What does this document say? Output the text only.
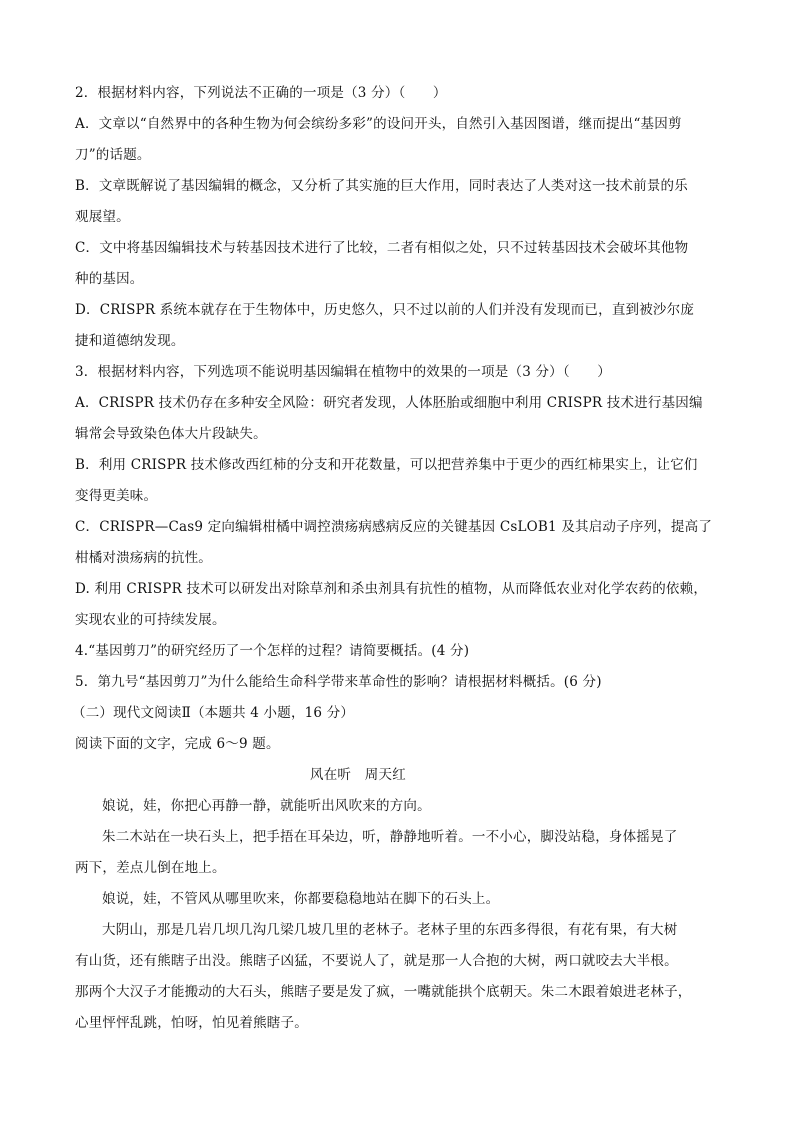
2．根据材料内容，下列说法不正确的一项是（3 分）（　　）
A．文章以“自然界中的各种生物为何会缤纷多彩”的设问开头，自然引入基因图谱，继而提出“基因剪
刀”的话题。
B．文章既解说了基因编辑的概念，又分析了其实施的巨大作用，同时表达了人类对这一技术前景的乐
观展望。
C．文中将基因编辑技术与转基因技术进行了比较，二者有相似之处，只不过转基因技术会破坏其他物
种的基因。
D．CRISPR 系统本就存在于生物体中，历史悠久，只不过以前的人们并没有发现而已，直到被沙尔庞
捷和道德纳发现。
3．根据材料内容，下列选项不能说明基因编辑在植物中的效果的一项是（3 分）（　　）
A．CRISPR 技术仍存在多种安全风险：研究者发现，人体胚胎或细胞中利用 CRISPR 技术进行基因编
辑常会导致染色体大片段缺失。
B．利用 CRISPR 技术修改西红柿的分支和开花数量，可以把营养集中于更少的西红柿果实上，让它们
变得更美味。
C．CRISPR—Cas9 定向编辑柑橘中调控溃疡病感病反应的关键基因 CsLOB1 及其启动子序列，提高了
柑橘对溃疡病的抗性。
D. 利用 CRISPR 技术可以研发出对除草剂和杀虫剂具有抗性的植物，从而降低农业对化学农药的依赖，
实现农业的可持续发展。
4.“基因剪刀”的研究经历了一个怎样的过程？请简要概括。(4 分)
5．第九号“基因剪刀”为什么能给生命科学带来革命性的影响？请根据材料概括。(6 分)
（二）现代文阅读Ⅱ（本题共 4 小题，16 分）
阅读下面的文字，完成 6～9 题。
风在听　周天红
娘说，娃，你把心再静一静，就能听出风吹来的方向。
朱二木站在一块石头上，把手捂在耳朵边，听，静静地听着。一不小心，脚没站稳，身体摇晃了
两下，差点儿倒在地上。
娘说，娃，不管风从哪里吹来，你都要稳稳地站在脚下的石头上。
大阴山，那是几岩几坝几沟几梁几坡几里的老林子。老林子里的东西多得很，有花有果，有大树
有山货，还有熊瞎子出没。熊瞎子凶猛，不要说人了，就是那一人合抱的大树，两口就咬去大半根。
那两个大汉子才能搬动的大石头，熊瞎子要是发了疯，一嘴就能拱个底朝天。朱二木跟着娘进老林子，
心里怦怦乱跳，怕呀，怕见着熊瞎子。
